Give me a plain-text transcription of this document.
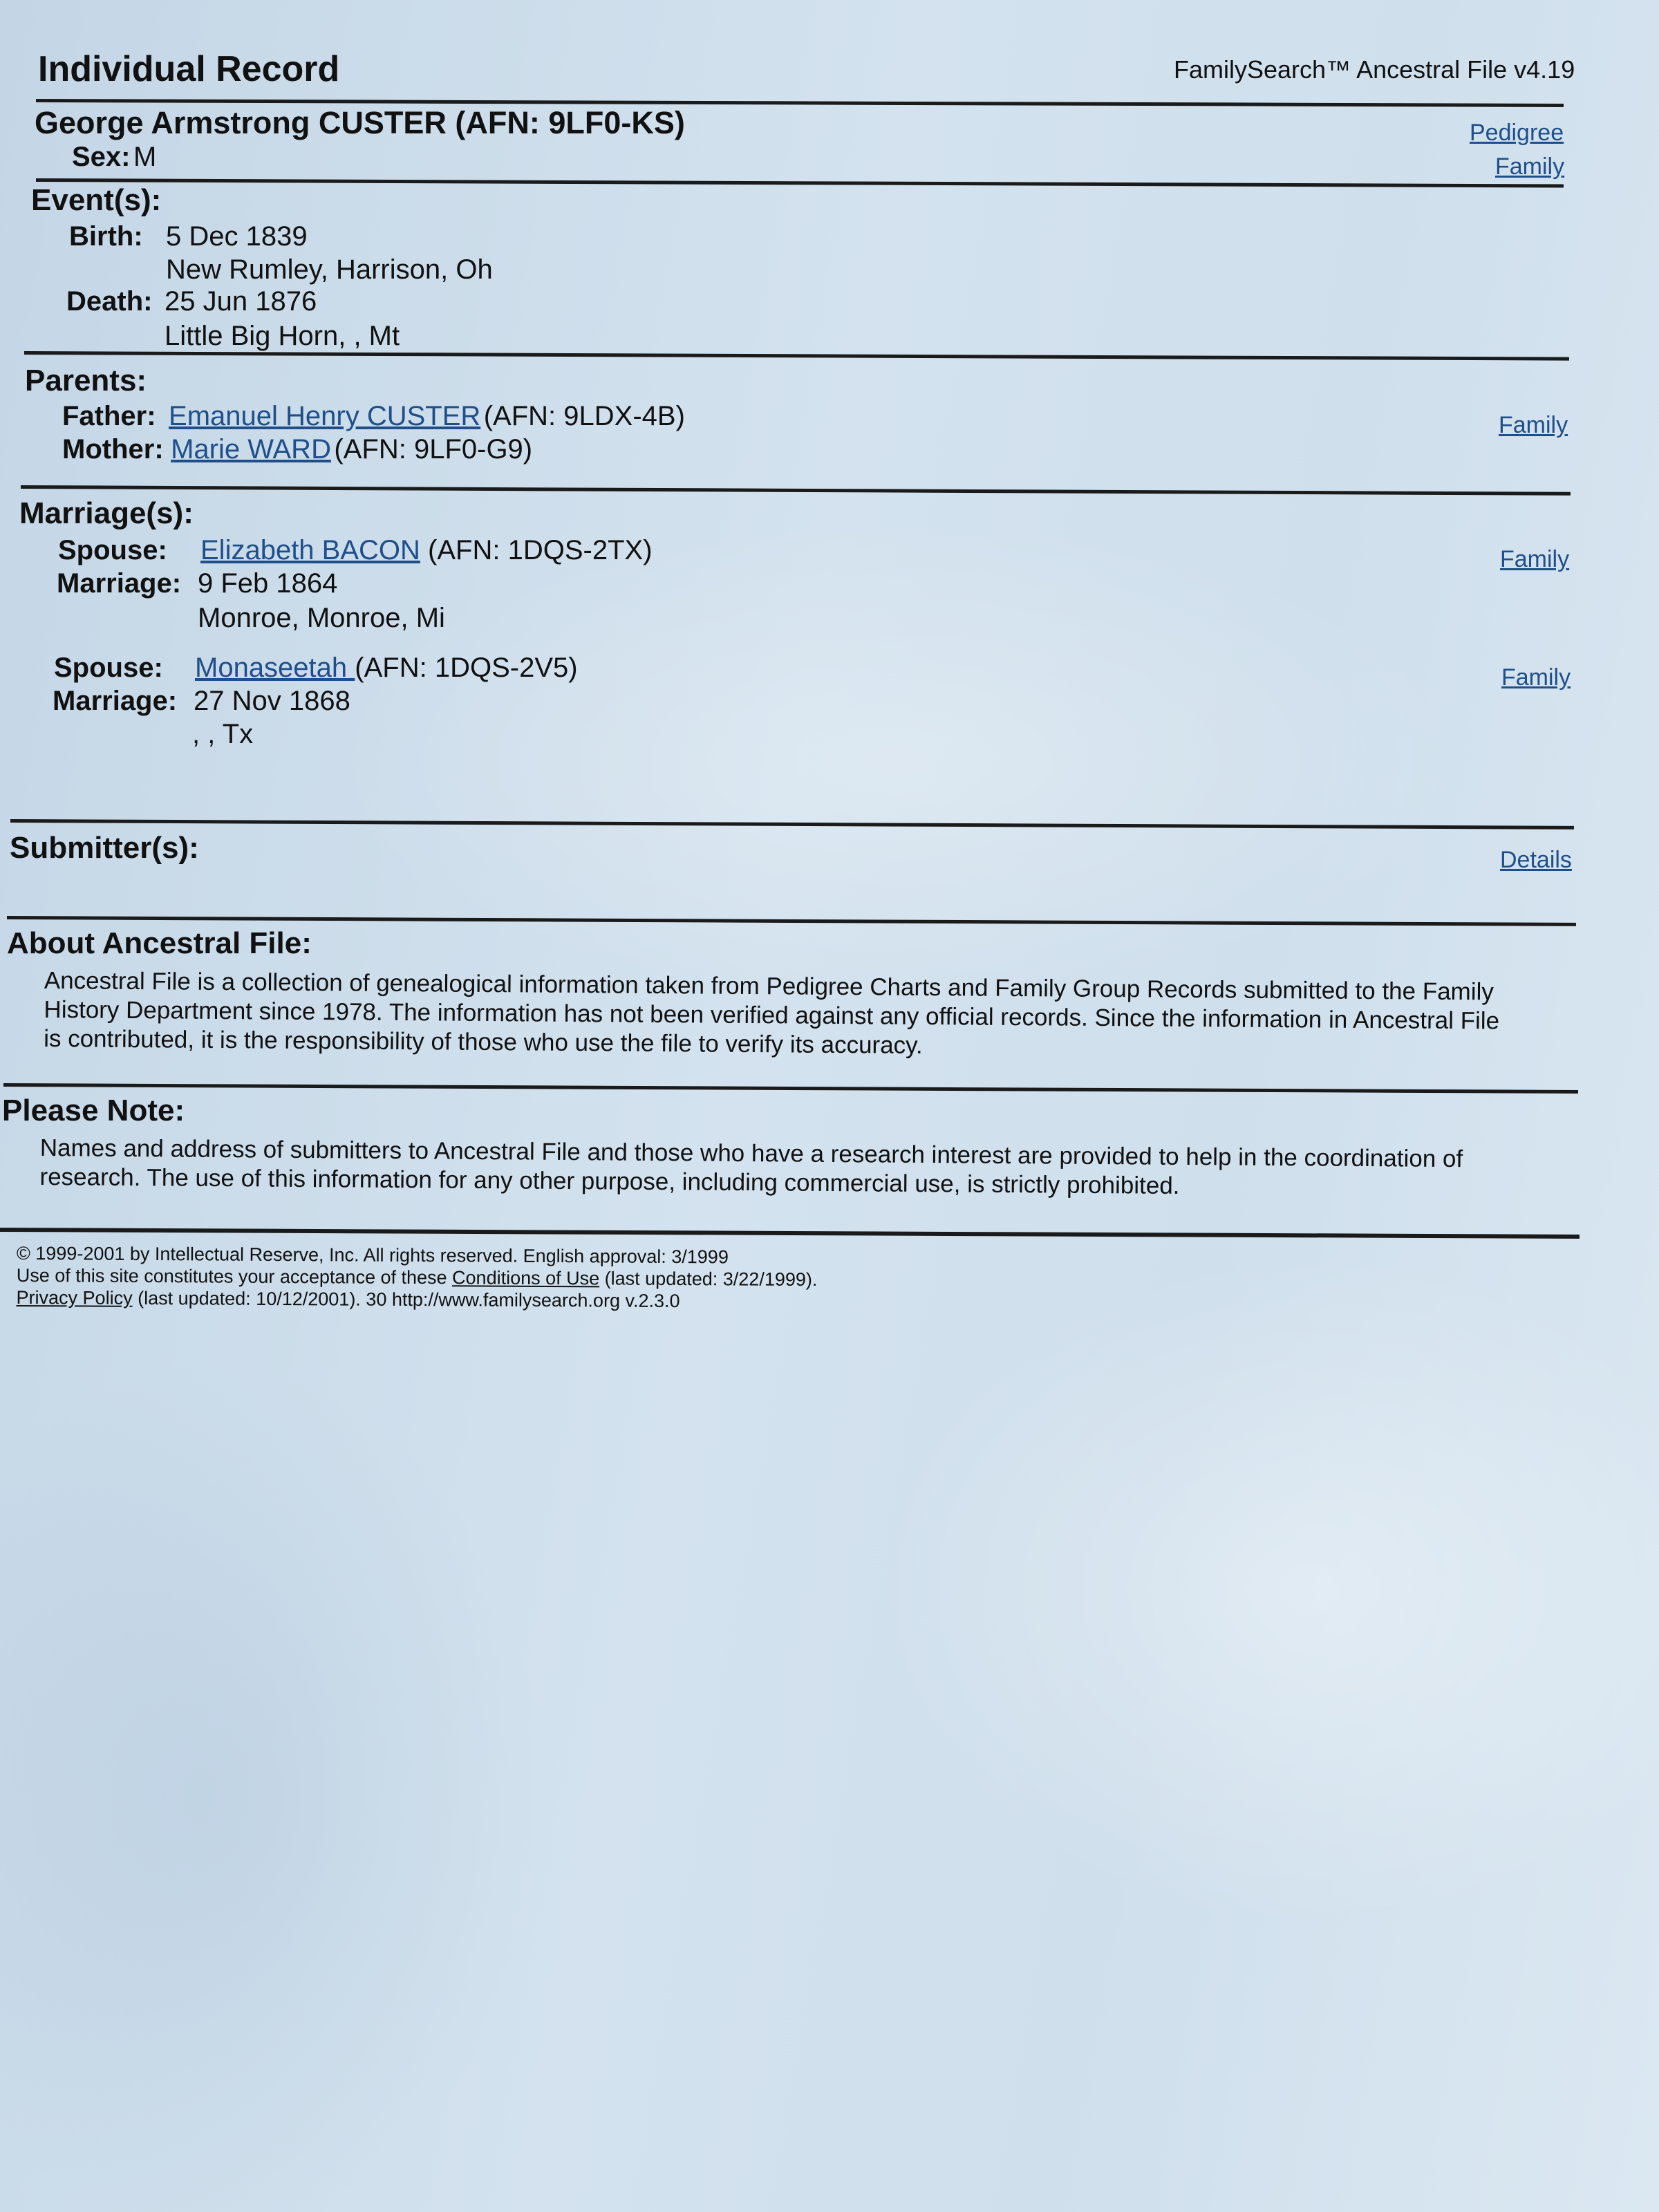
Individual Record	FamilySearch™ Ancestral File v4.19
George Armstrong CUSTER (AFN: 9LF0-KS)	Pedigree
Sex: M	Family
Event(s):
Birth: 5 Dec 1839
New Rumley, Harrison, Oh
Death: 25 Jun 1876
Little Big Horn, , Mt
Parents:
Father: Emanuel Henry CUSTER (AFN: 9LDX-4B)	Family
Mother: Marie WARD (AFN: 9LF0-G9)
Marriage(s):
Spouse: Elizabeth BACON (AFN: 1DQS-2TX)	Family
Marriage: 9 Feb 1864
Monroe, Monroe, Mi
Spouse: Monaseetah (AFN: 1DQS-2V5)	Family
Marriage: 27 Nov 1868
, , Tx
Submitter(s):	Details
About Ancestral File:
Ancestral File is a collection of genealogical information taken from Pedigree Charts and Family Group Records submitted to the Family
History Department since 1978. The information has not been verified against any official records. Since the information in Ancestral File
is contributed, it is the responsibility of those who use the file to verify its accuracy.
Please Note:
Names and address of submitters to Ancestral File and those who have a research interest are provided to help in the coordination of
research. The use of this information for any other purpose, including commercial use, is strictly prohibited.
© 1999-2001 by Intellectual Reserve, Inc. All rights reserved. English approval: 3/1999
Use of this site constitutes your acceptance of these Conditions of Use (last updated: 3/22/1999).
Privacy Policy (last updated: 10/12/2001). 30 http://www.familysearch.org v.2.3.0
